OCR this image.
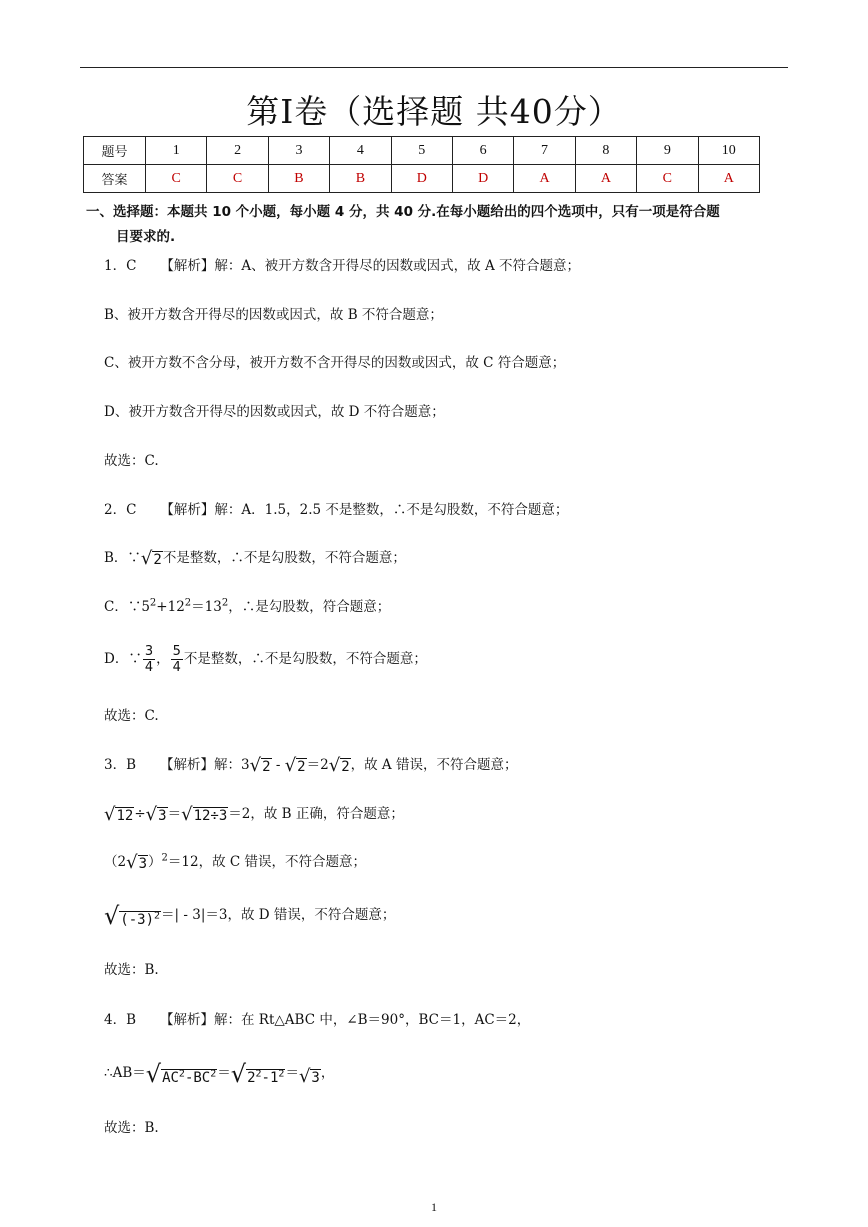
第Ⅰ卷（选择题 共40分）
题号	1	2	3	4	5	6	7	8	9	10
答案	C	C	B	B	D	D	A	A	C	A
一、选择题：本题共 10 个小题，每小题 4 分，共 40 分.在每小题给出的四个选项中，只有一项是符合题
目要求的.
1．C 【解析】解：A、被开方数含开得尽的因数或因式，故 A 不符合题意；
B、被开方数含开得尽的因数或因式，故 B 不符合题意；
C、被开方数不含分母，被开方数不含开得尽的因数或因式，故 C 符合题意；
D、被开方数含开得尽的因数或因式，故 D 不符合题意；
故选：C.
2．C 【解析】解：A．1.5，2.5 不是整数，∴不是勾股数，不符合题意；
B．∵ √ 2 不是整数，∴不是勾股数，不符合题意；
C．$\because 5^2+12^2=13^2$，∴是勾股数，符合题意；
D．∵ $\frac{3}{4}$ ， $\frac{5}{4}$ 不是整数，∴不是勾股数，不符合题意；
故选：C.
3．B 【解析】解：3 √ 2 - √ 2 ＝2 √ 2 ，故 A 错误，不符合题意；
√ 12 ÷ √ 3 ＝ √ 12÷3 ＝2，故 B 正确，符合题意；
（2 √ 3 ）$^2$＝12，故 C 错误，不符合题意；
√ $(-3)^2$ ＝| - 3|＝3，故 D 错误，不符合题意；
故选：B.
4．B 【解析】解：在 Rt△ABC 中，∠B＝90°，BC＝1，AC＝2，
∴AB＝ √ $AC^2-BC^2$ ＝ √ $2^2-1^2$ ＝ √ 3 ，
故选：B.
1
